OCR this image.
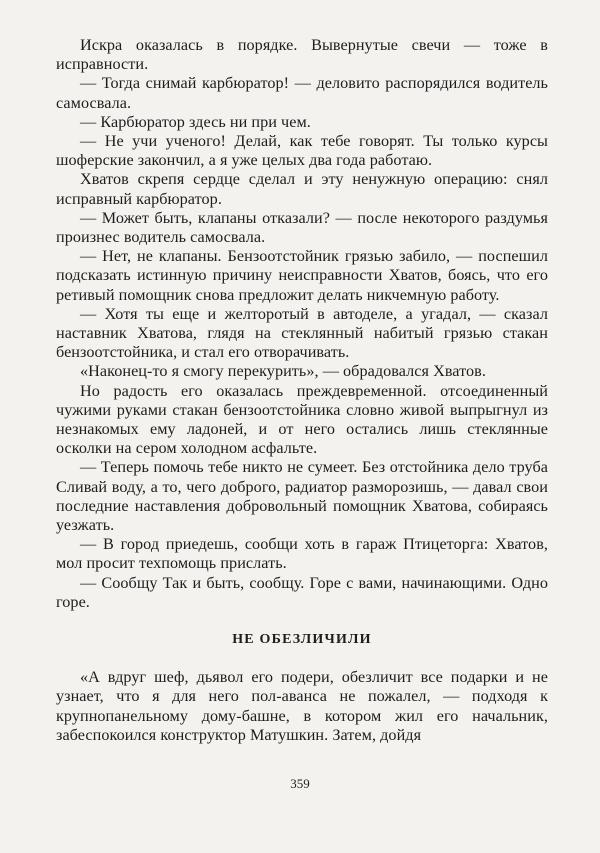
Искра оказалась в порядке. Вывернутые свечи — тоже в исправности.

— Тогда снимай карбюратор! — деловито распорядился водитель самосвала.

— Карбюратор здесь ни при чем.

— Не учи ученого! Делай, как тебе говорят. Ты только курсы шоферские закончил, а я уже целых два года работаю.

Хватов скрепя сердце сделал и эту ненужную операцию: снял исправный карбюратор.

— Может быть, клапаны отказали? — после некоторого раздумья произнес водитель самосвала.

— Нет, не клапаны. Бензоотстойник грязью забило, — поспешил подсказать истинную причину неисправности Хватов, боясь, что его ретивый помощник снова предложит делать никчемную работу.

— Хотя ты еще и желторотый в автоделе, а угадал, — сказал наставник Хватова, глядя на стеклянный набитый грязью стакан бензоотстойника, и стал его отворачивать.

«Наконец-то я смогу перекурить», — обрадовался Хватов.

Но радость его оказалась преждевременной. отсоединенный чужими руками стакан бензоотстойника словно живой выпрыгнул из незнакомых ему ладоней, и от него остались лишь стеклянные осколки на сером холодном асфальте.

— Теперь помочь тебе никто не сумеет. Без отстойника дело труба Сливай воду, а то, чего доброго, радиатор разморозишь, — давал свои последние наставления добровольный помощник Хватова, собираясь уезжать.

— В город приедешь, сообщи хоть в гараж Птицеторга: Хватов, мол просит техпомощь прислать.

— Сообщу Так и быть, сообщу. Горе с вами, начинающими. Одно горе.

НЕ ОБЕЗЛИЧИЛИ

«А вдруг шеф, дьявол его подери, обезличит все подарки и не узнает, что я для него пол-аванса не пожалел, — подходя к крупнопанельному дому-башне, в котором жил его начальник, забеспокоился конструктор Матушкин. Затем, дойдя

359
